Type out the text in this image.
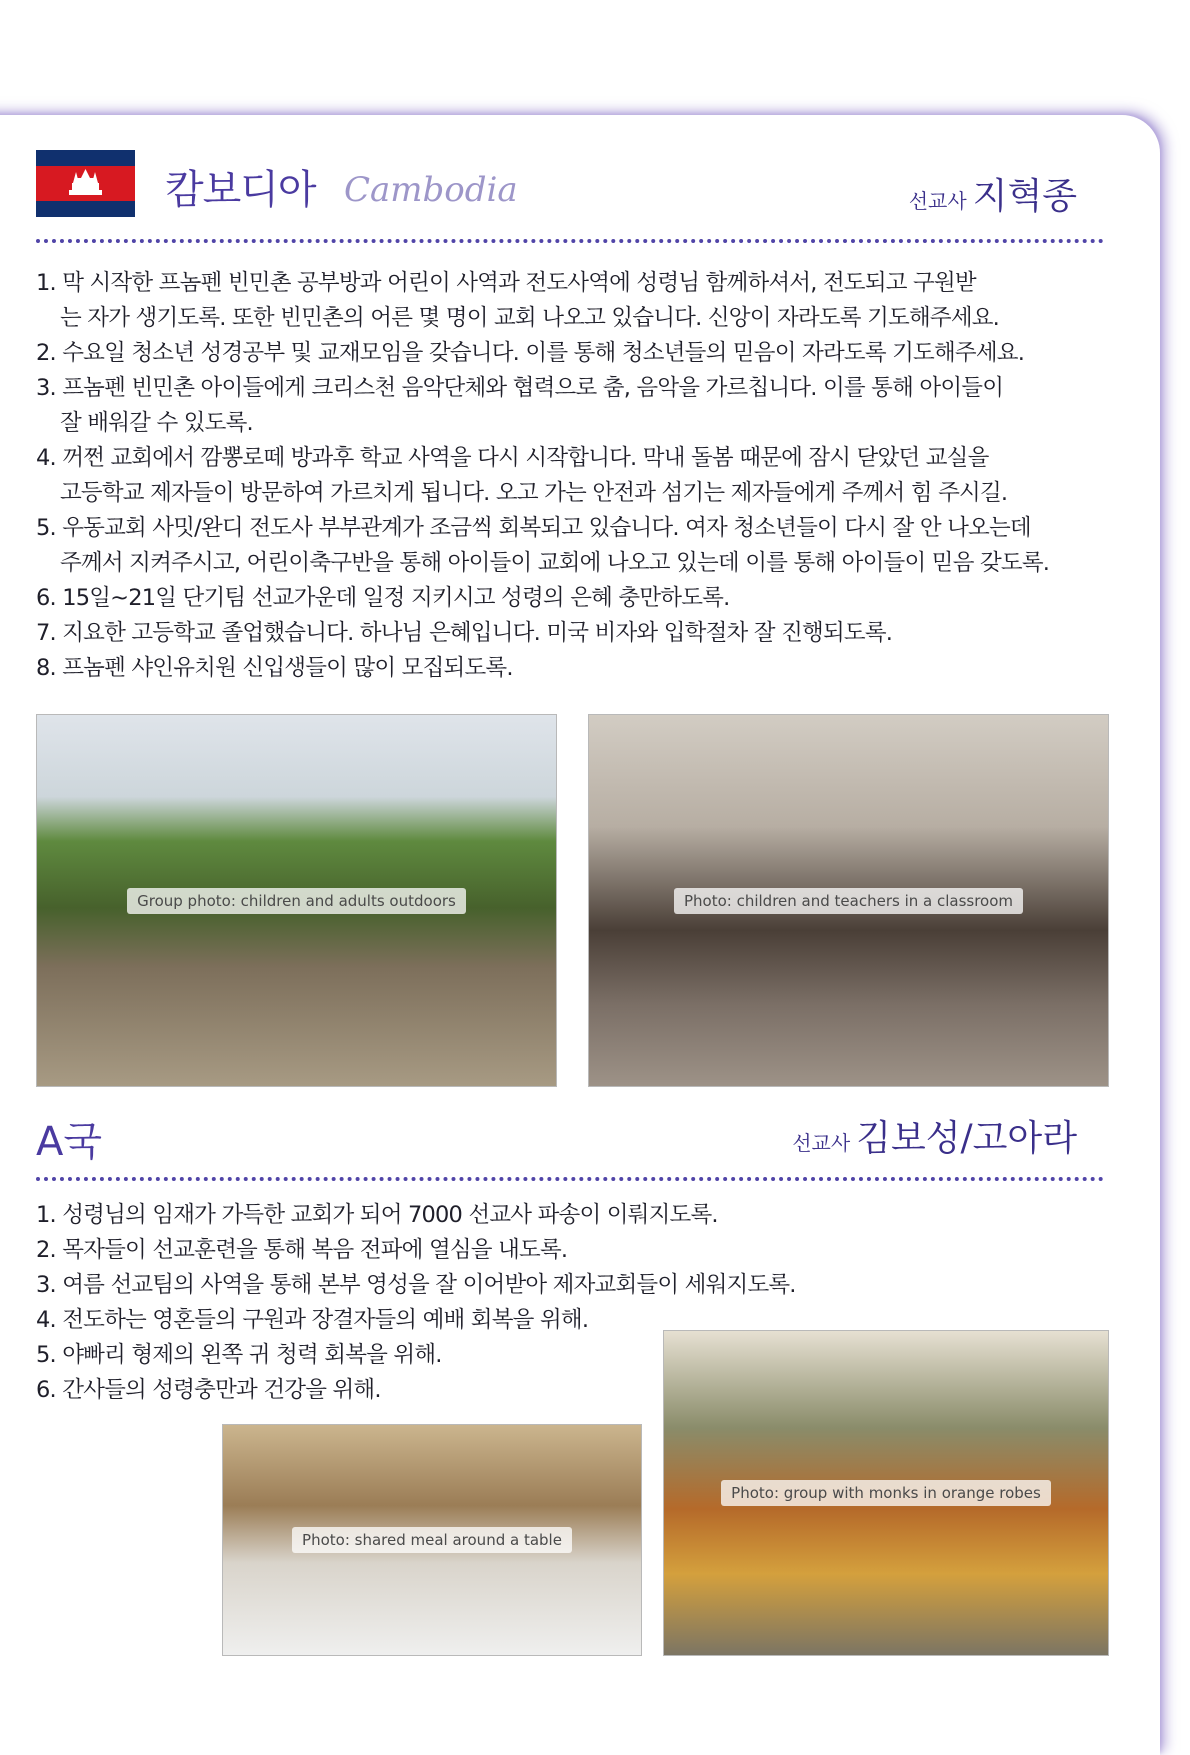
캄보디아 Cambodia	선교사 지혁종
1. 막 시작한 프놈펜 빈민촌 공부방과 어린이 사역과 전도사역에 성령님 함께하셔서, 전도되고 구원받
는 자가 생기도록. 또한 빈민촌의 어른 몇 명이 교회 나오고 있습니다. 신앙이 자라도록 기도해주세요.
2. 수요일 청소년 성경공부 및 교재모임을 갖습니다. 이를 통해 청소년들의 믿음이 자라도록 기도해주세요.
3. 프놈펜 빈민촌 아이들에게 크리스천 음악단체와 협력으로 춤, 음악을 가르칩니다. 이를 통해 아이들이
잘 배워갈 수 있도록.
4. 꺼쩐 교회에서 깜뽕로떼 방과후 학교 사역을 다시 시작합니다. 막내 돌봄 때문에 잠시 닫았던 교실을
고등학교 제자들이 방문하여 가르치게 됩니다. 오고 가는 안전과 섬기는 제자들에게 주께서 힘 주시길.
5. 우동교회 사밋/완디 전도사 부부관계가 조금씩 회복되고 있습니다. 여자 청소년들이 다시 잘 안 나오는데
주께서 지켜주시고, 어린이축구반을 통해 아이들이 교회에 나오고 있는데 이를 통해 아이들이 믿음 갖도록.
6. 15일~21일 단기팀 선교가운데 일정 지키시고 성령의 은혜 충만하도록.
7. 지요한 고등학교 졸업했습니다. 하나님 은혜입니다. 미국 비자와 입학절차 잘 진행되도록.
8. 프놈펜 샤인유치원 신입생들이 많이 모집되도록.
Group photo: children and adults outdoors	Photo: children and teachers in a classroom
A국	선교사 김보성/고아라
1. 성령님의 임재가 가득한 교회가 되어 7000 선교사 파송이 이뤄지도록.
2. 목자들이 선교훈련을 통해 복음 전파에 열심을 내도록.
3. 여름 선교팀의 사역을 통해 본부 영성을 잘 이어받아 제자교회들이 세워지도록.
4. 전도하는 영혼들의 구원과 장결자들의 예배 회복을 위해.
5. 야빠리 형제의 왼쪽 귀 청력 회복을 위해.
6. 간사들의 성령충만과 건강을 위해.
Photo: shared meal around a table
Photo: group with monks in orange robes
